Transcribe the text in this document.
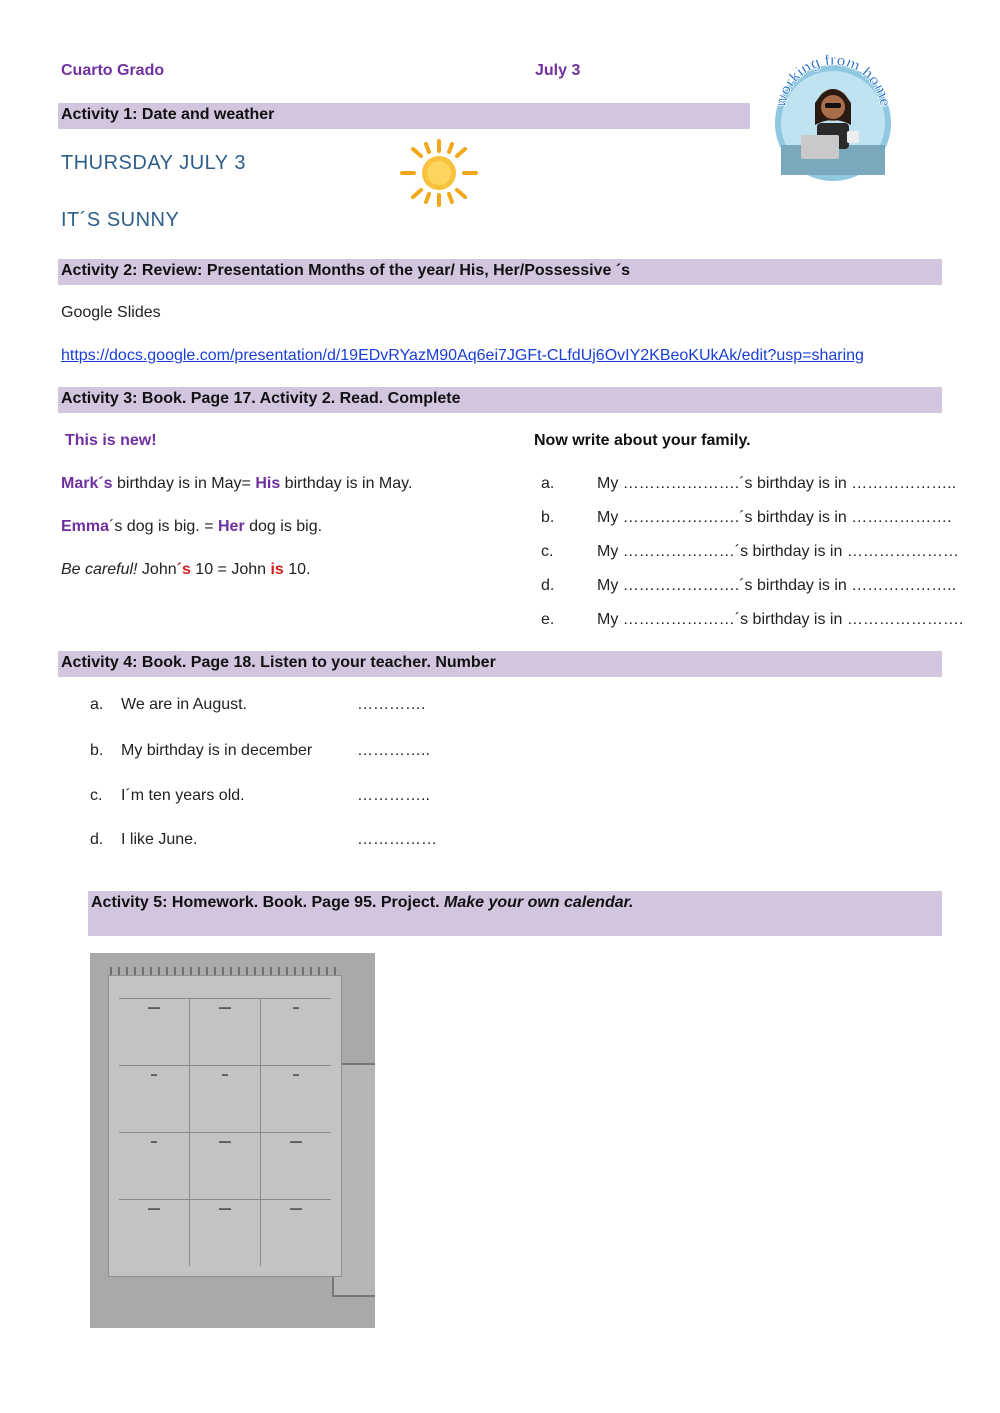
Cuarto Grado	July 3
working from home
Activity 1: Date and weather
THURSDAY JULY 3
IT´S SUNNY
Activity 2: Review: Presentation Months of the year/ His, Her/Possessive ´s
Google Slides
https://docs.google.com/presentation/d/19EDvRYazM90Aq6ei7JGFt-CLfdUj6OvIY2KBeoKUkAk/edit?usp=sharing
Activity 3: Book. Page 17. Activity 2. Read. Complete
This is new!
Mark´s birthday is in May= His birthday is in May.
Emma´s dog is big. = Her dog is big.
Be careful! John´s 10 = John is 10.
Now write about your family.
a.	My ………………….´s birthday is in ………………..
b.	My ………………….´s birthday is in ……………….
c.	My …………………´s birthday is in …………………
d.	My ………………….´s birthday is in ………………..
e.	My …………………´s birthday is in ………………….
Activity 4: Book. Page 18. Listen to your teacher. Number
a. We are in August.	………….
b. My birthday is in december	…………..
c. I´m ten years old.	…………..
d. I like June.	……………
Activity 5: Homework. Book. Page 95. Project. Make your own calendar.
▬▬	▬▬	▬
▬	▬	▬
▬	▬▬	▬▬
▬▬	▬▬	▬▬
